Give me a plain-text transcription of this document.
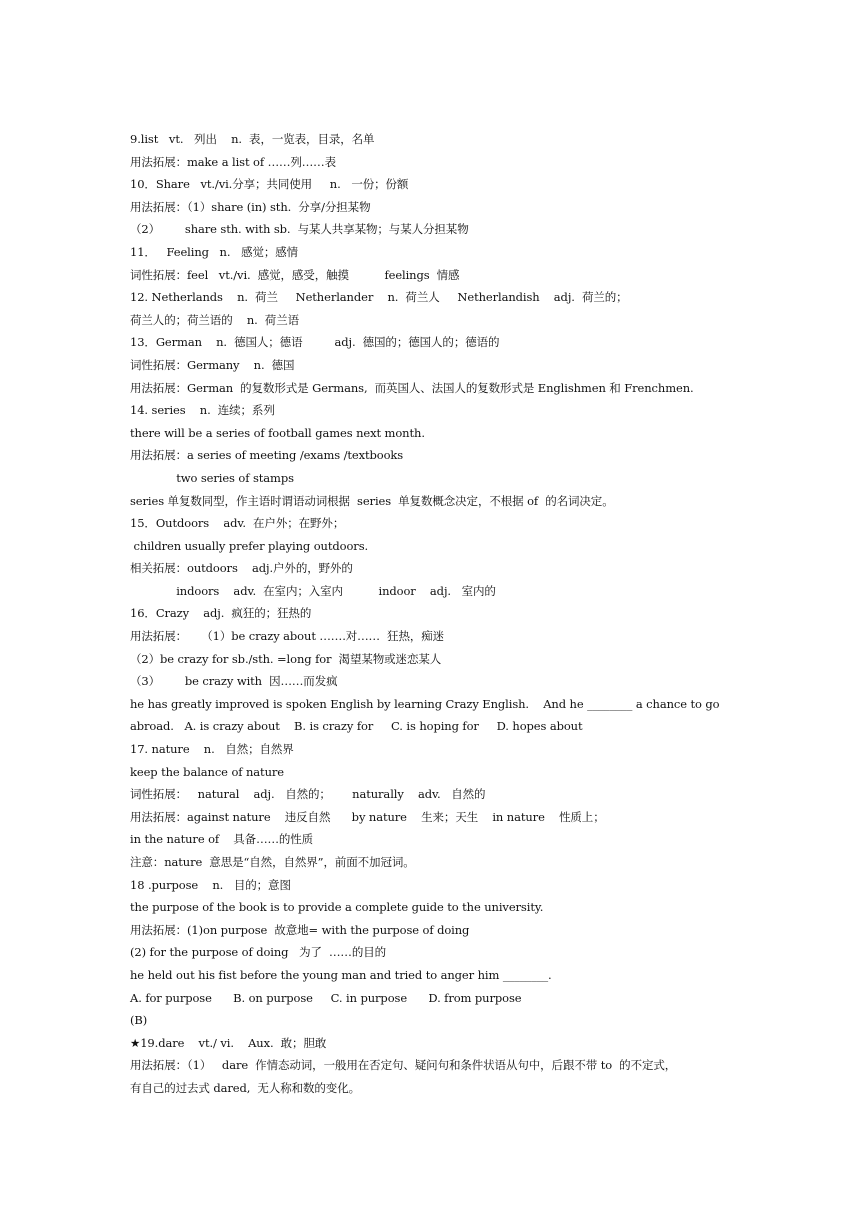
9.list   vt.   列出    n.  表，一览表，目录，名单
用法拓展：make a list of ……列……表
10．Share   vt./vi.分享；共同使用     n.   一份；份额
用法拓展：（1）share (in) sth.  分享/分担某物
（2）       share sth. with sb.  与某人共享某物；与某人分担某物
11．   Feeling   n.   感觉；感情
词性拓展：feel   vt./vi.  感觉，感受，触摸          feelings  情感
12. Netherlands    n.  荷兰     Netherlander    n.  荷兰人     Netherlandish    adj.  荷兰的；
荷兰人的；荷兰语的    n.  荷兰语
13．German    n.  德国人；德语         adj.  德国的；德国人的；德语的
词性拓展：Germany    n.  德国
用法拓展：German  的复数形式是 Germans,  而英国人、法国人的复数形式是 Englishmen 和 Frenchmen.
14. series    n.  连续；系列
there will be a series of football games next month.
用法拓展：a series of meeting /exams /textbooks
two series of stamps
series 单复数同型，作主语时谓语动词根据  series  单复数概念决定，不根据 of  的名词决定。
15．Outdoors    adv.  在户外；在野外；
children usually prefer playing outdoors.
相关拓展：outdoors    adj.户外的，野外的
indoors    adv.  在室内；入室内          indoor    adj.   室内的
16．Crazy    adj.  疯狂的；狂热的
用法拓展：    （1）be crazy about …….对……  狂热，痴迷
（2）be crazy for sb./sth. =long for  渴望某物或迷恋某人
（3）       be crazy with  因……而发疯
he has greatly improved is spoken English by learning Crazy English.    And he ________ a chance to go
abroad.   A. is crazy about    B. is crazy for     C. is hoping for     D. hopes about
17. nature    n.   自然；自然界
keep the balance of nature
词性拓展：   natural    adj.   自然的；      naturally    adv.   自然的
用法拓展：against nature    违反自然      by nature    生来；天生    in nature    性质上；
in the nature of    具备……的性质
注意：nature  意思是“自然，自然界”，前面不加冠词。
18 .purpose    n.   目的；意图
the purpose of the book is to provide a complete guide to the university.
用法拓展：(1)on purpose  故意地= with the purpose of doing
(2) for the purpose of doing   为了  ……的目的
he held out his fist before the young man and tried to anger him ________.
A. for purpose      B. on purpose     C. in purpose      D. from purpose
(B)
★19.dare    vt./ vi.    Aux.  敢；胆敢
用法拓展：（1）   dare  作情态动词，一般用在否定句、疑问句和条件状语从句中，后跟不带 to  的不定式，
有自己的过去式 dared,  无人称和数的变化。
